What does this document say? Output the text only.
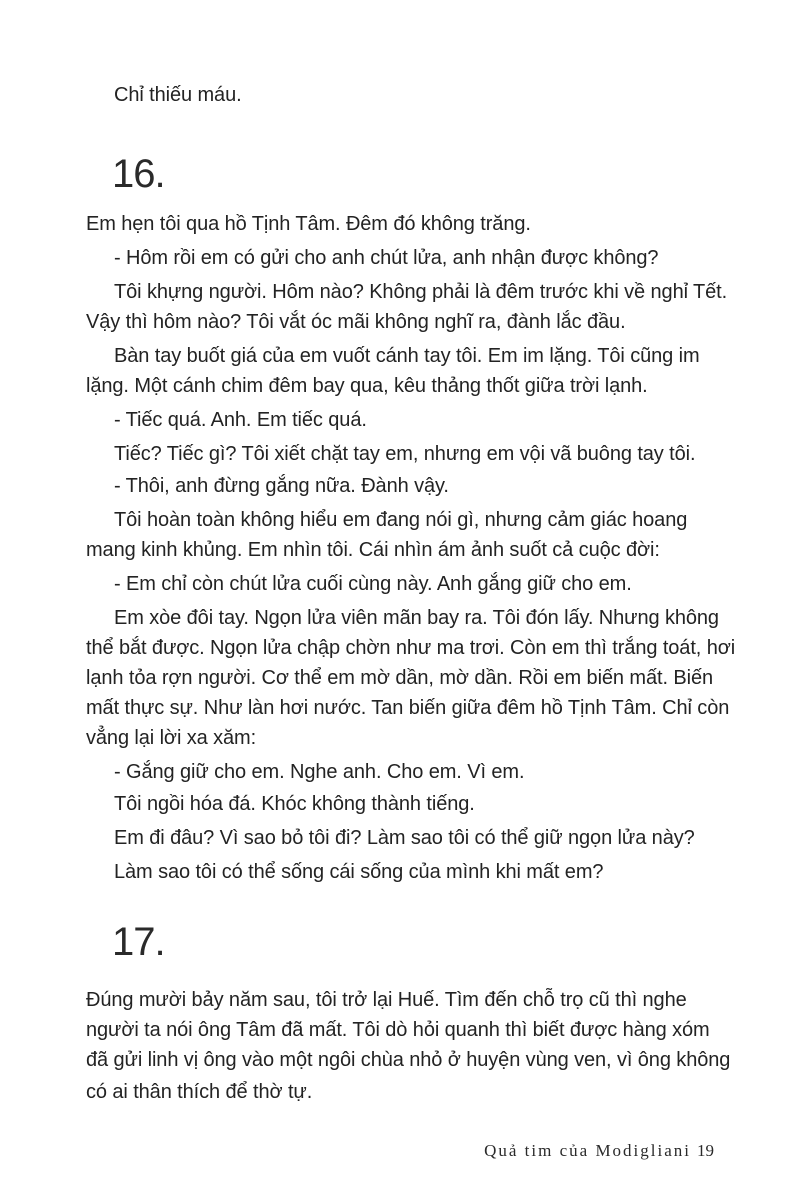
Chỉ thiếu máu.
16.
Em hẹn tôi qua hồ Tịnh Tâm. Đêm đó không trăng.
- Hôm rồi em có gửi cho anh chút lửa, anh nhận được không?
Tôi khựng người. Hôm nào? Không phải là đêm trước khi về nghỉ Tết.
Vậy thì hôm nào? Tôi vắt óc mãi không nghĩ ra, đành lắc đầu.
Bàn tay buốt giá của em vuốt cánh tay tôi. Em im lặng. Tôi cũng im
lặng. Một cánh chim đêm bay qua, kêu thảng thốt giữa trời lạnh.
- Tiếc quá. Anh. Em tiếc quá.
Tiếc? Tiếc gì? Tôi xiết chặt tay em, nhưng em vội vã buông tay tôi.
- Thôi, anh đừng gắng nữa. Đành vậy.
Tôi hoàn toàn không hiểu em đang nói gì, nhưng cảm giác hoang
mang kinh khủng. Em nhìn tôi. Cái nhìn ám ảnh suốt cả cuộc đời:
- Em chỉ còn chút lửa cuối cùng này. Anh gắng giữ cho em.
Em xòe đôi tay. Ngọn lửa viên mãn bay ra. Tôi đón lấy. Nhưng không
thể bắt được. Ngọn lửa chập chờn như ma trơi. Còn em thì trắng toát, hơi
lạnh tỏa rợn người. Cơ thể em mờ dần, mờ dần. Rồi em biến mất. Biến
mất thực sự. Như làn hơi nước. Tan biến giữa đêm hồ Tịnh Tâm. Chỉ còn
vẳng lại lời xa xăm:
- Gắng giữ cho em. Nghe anh. Cho em. Vì em.
Tôi ngồi hóa đá. Khóc không thành tiếng.
Em đi đâu? Vì sao bỏ tôi đi? Làm sao tôi có thể giữ ngọn lửa này?
Làm sao tôi có thể sống cái sống của mình khi mất em?
17.
Đúng mười bảy năm sau, tôi trở lại Huế. Tìm đến chỗ trọ cũ thì nghe
người ta nói ông Tâm đã mất. Tôi dò hỏi quanh thì biết được hàng xóm
đã gửi linh vị ông vào một ngôi chùa nhỏ ở huyện vùng ven, vì ông không
có ai thân thích để thờ tự.
Quả tim của Modigliani 19
